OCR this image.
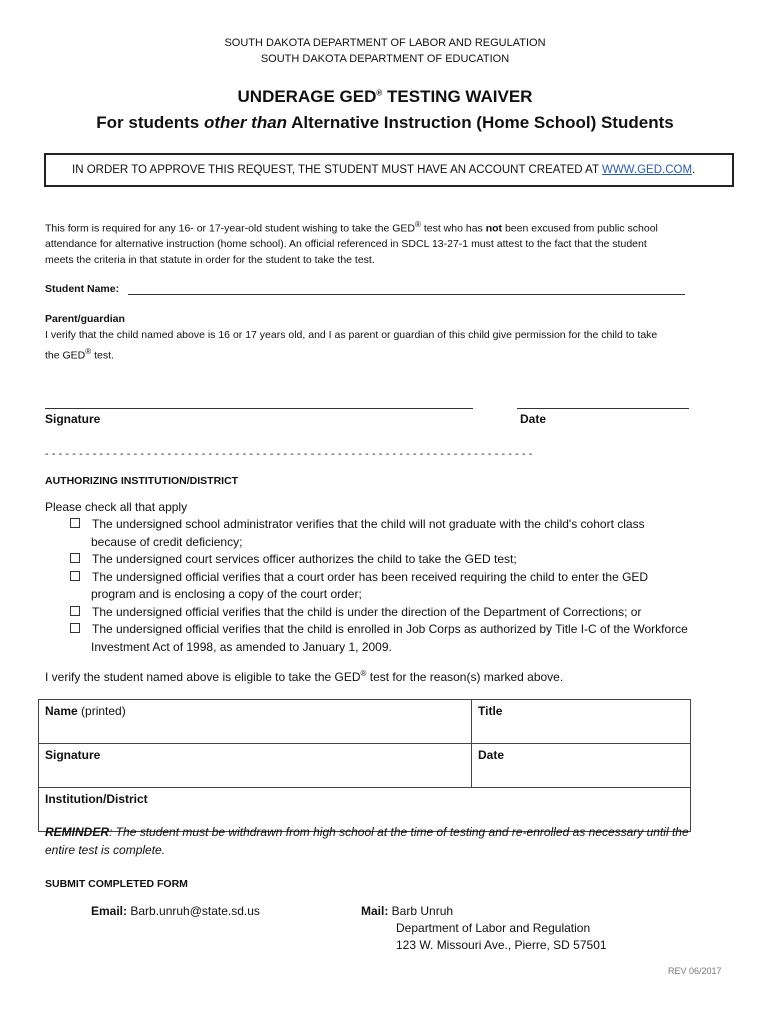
SOUTH DAKOTA DEPARTMENT OF LABOR AND REGULATION
SOUTH DAKOTA DEPARTMENT OF EDUCATION
UNDERAGE GED® TESTING WAIVER
For students other than Alternative Instruction (Home School) Students
IN ORDER TO APPROVE THIS REQUEST, THE STUDENT MUST HAVE AN ACCOUNT CREATED AT WWW.GED.COM.
This form is required for any 16- or 17-year-old student wishing to take the GED® test who has not been excused from public school
attendance for alternative instruction (home school). An official referenced in SDCL 13-27-1 must attest to the fact that the student
meets the criteria in that statute in order for the student to take the test.
Student Name:
Parent/guardian
I verify that the child named above is 16 or 17 years old, and I as parent or guardian of this child give permission for the child to take
the GED® test.
Signature	Date
- - - - - - - - - - - - - - - - - - - - - - - - - - - - - - - - - - - - - - - - - - - - - - - - - - - - - - - - - - - - - - - - - - - - - - - -
AUTHORIZING INSTITUTION/DISTRICT
Please check all that apply
The undersigned school administrator verifies that the child will not graduate with the child's cohort class
because of credit deficiency;
The undersigned court services officer authorizes the child to take the GED test;
The undersigned official verifies that a court order has been received requiring the child to enter the GED
program and is enclosing a copy of the court order;
The undersigned official verifies that the child is under the direction of the Department of Corrections; or
The undersigned official verifies that the child is enrolled in Job Corps as authorized by Title I-C of the Workforce
Investment Act of 1998, as amended to January 1, 2009.
I verify the student named above is eligible to take the GED® test for the reason(s) marked above.
Name (printed)	Title
Signature	Date
Institution/District	
REMINDER: The student must be withdrawn from high school at the time of testing and re-enrolled as necessary until the
entire test is complete.
SUBMIT COMPLETED FORM
Email: Barb.unruh@state.sd.us	Mail: Barb Unruh
Department of Labor and Regulation
123 W. Missouri Ave., Pierre, SD 57501
REV 06/2017
